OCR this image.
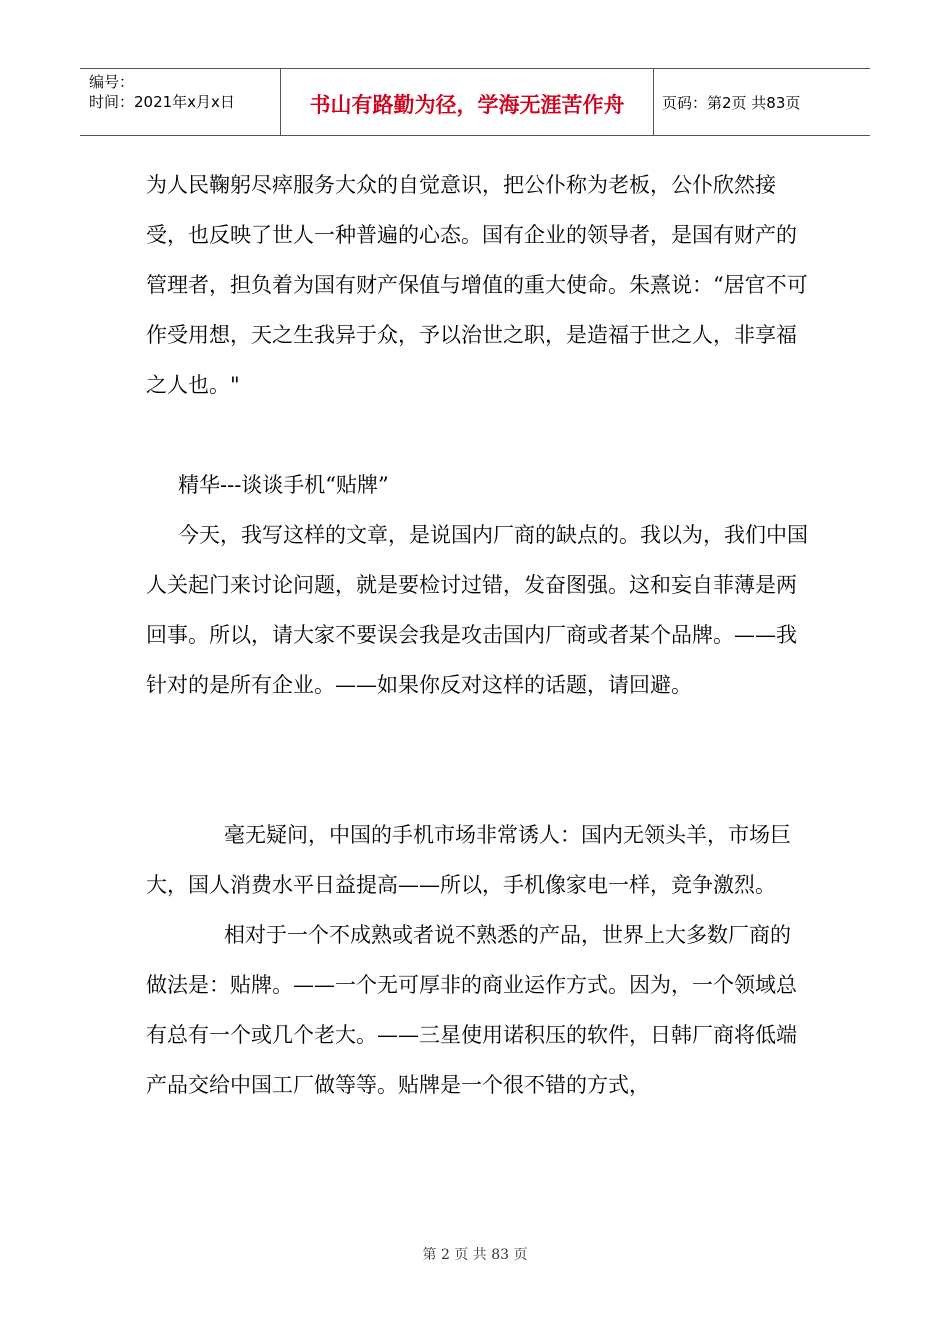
编号：
时间：2021年x月x日	书山有路勤为径，学海无涯苦作舟	页码：第2页 共83页

为人民鞠躬尽瘁服务大众的自觉意识，把公仆称为老板，公仆欣然接受，也反映了世人一种普遍的心态。国有企业的领导者，是国有财产的管理者，担负着为国有财产保值与增值的重大使命。朱熹说：“居官不可作受用想，天之生我异于众，予以治世之职，是造福于世之人，非享福之人也。"

精华---谈谈手机“贴牌”

今天，我写这样的文章，是说国内厂商的缺点的。我以为，我们中国人关起门来讨论问题，就是要检讨过错，发奋图强。这和妄自菲薄是两回事。所以，请大家不要误会我是攻击国内厂商或者某个品牌。——我针对的是所有企业。——如果你反对这样的话题，请回避。

毫无疑问，中国的手机市场非常诱人：国内无领头羊，市场巨大，国人消费水平日益提高——所以，手机像家电一样，竞争激烈。

相对于一个不成熟或者说不熟悉的产品，世界上大多数厂商的做法是：贴牌。——一个无可厚非的商业运作方式。因为，一个领域总有总有一个或几个老大。——三星使用诺积压的软件，日韩厂商将低端产品交给中国工厂做等等。贴牌是一个很不错的方式，

第 2 页 共 83 页
